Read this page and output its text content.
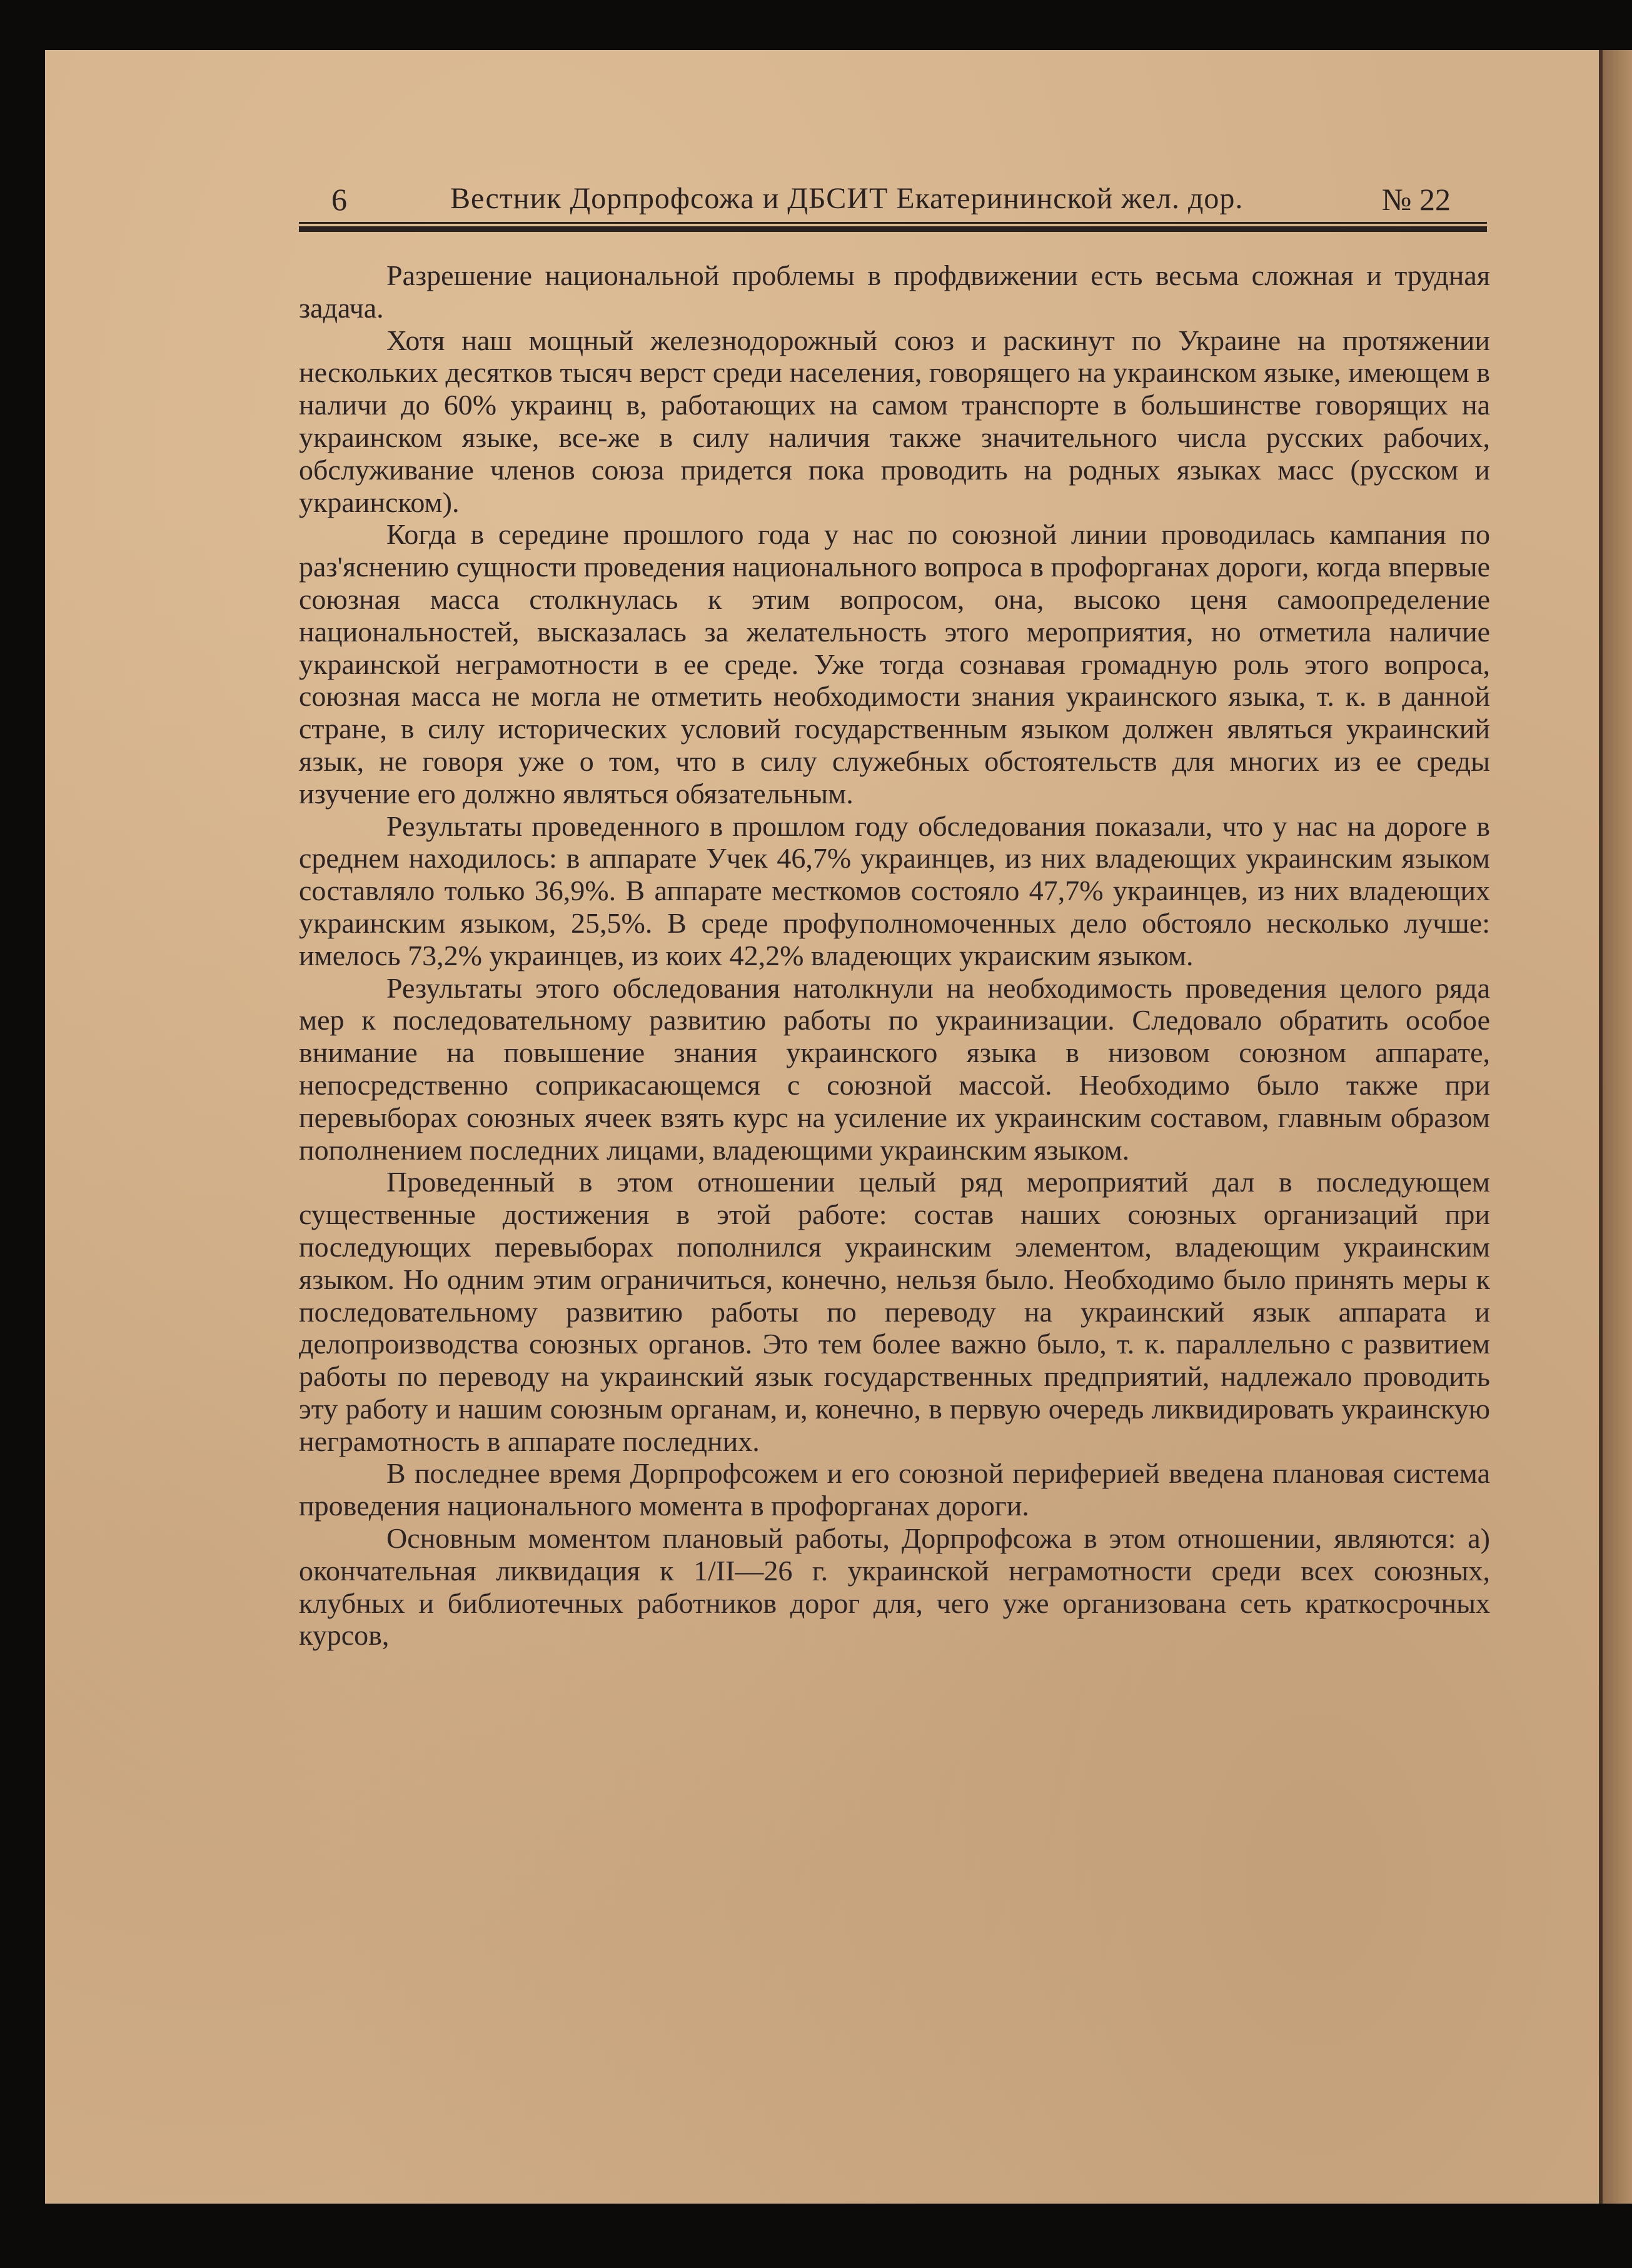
6	Вестник Дорпрофсожа и ДБСИТ Екатерининской жел. дор.	№ 22

Разрешение национальной проблемы в профдвижении есть весьма сложная и трудная задача.

Хотя наш мощный железнодорожный союз и раскинут по Украине на протяжении нескольких десятков тысяч верст среди населения, говорящего на украинском языке, имеющем в наличи до 60% украинц в, работающих на самом транспорте в большинстве говорящих на украинском языке, все-же в силу наличия также значительного числа русских рабочих, обслуживание членов союза придется пока проводить на родных языках масс (русском и украинском).

Когда в середине прошлого года у нас по союзной линии проводилась кампания по раз'яснению сущности проведения национального вопроса в профорганах дороги, когда впервые союзная масса столкнулась к этим вопросом, она, высоко ценя самоопределение национальностей, высказалась за желательность этого мероприятия, но отметила наличие украинской неграмотности в ее среде. Уже тогда сознавая громадную роль этого вопроса, союзная масса не могла не отметить необходимости знания украинского языка, т. к. в данной стране, в силу исторических условий государственным языком должен являться украинский язык, не говоря уже о том, что в силу служебных обстоятельств для многих из ее среды изучение его должно являться обязательным.

Результаты проведенного в прошлом году обследования показали, что у нас на дороге в среднем находилось: в аппарате Учек 46,7% украинцев, из них владеющих украинским языком составляло только 36,9%. В аппарате месткомов состояло 47,7% украинцев, из них владеющих украинским языком, 25,5%. В среде профуполномоченных дело обстояло несколько лучше: имелось 73,2% украинцев, из коих 42,2% владеющих украиским языком.

Результаты этого обследования натолкнули на необходимость проведения целого ряда мер к последовательному развитию работы по украинизации. Следовало обратить особое внимание на повышение знания украинского языка в низовом союзном аппарате, непосредственно соприкасающемся с союзной массой. Необходимо было также при перевыборах союзных ячеек взять курс на усиление их украинским составом, главным образом пополнением последних лицами, владеющими украинским языком.

Проведенный в этом отношении целый ряд мероприятий дал в последующем существенные достижения в этой работе: состав наших союзных организаций при последующих перевыборах пополнился украинским элементом, владеющим украинским языком. Но одним этим ограничиться, конечно, нельзя было. Необходимо было принять меры к последовательному развитию работы по переводу на украинский язык аппарата и делопроизводства союзных органов. Это тем более важно было, т. к. параллельно с развитием работы по переводу на украинский язык государственных предприятий, надлежало проводить эту работу и нашим союзным органам, и, конечно, в первую очередь ликвидировать украинскую неграмотность в аппарате последних.

В последнее время Дорпрофсожем и его союзной периферией введена плановая система проведения национального момента в профорганах дороги.

Основным моментом плановый работы, Дорпрофсожа в этом отношении, являются: а) окончательная ликвидация к 1/II—26 г. украинской неграмотности среди всех союзных, клубных и библиотечных работников дорог для, чего уже организована сеть краткосрочных курсов,
